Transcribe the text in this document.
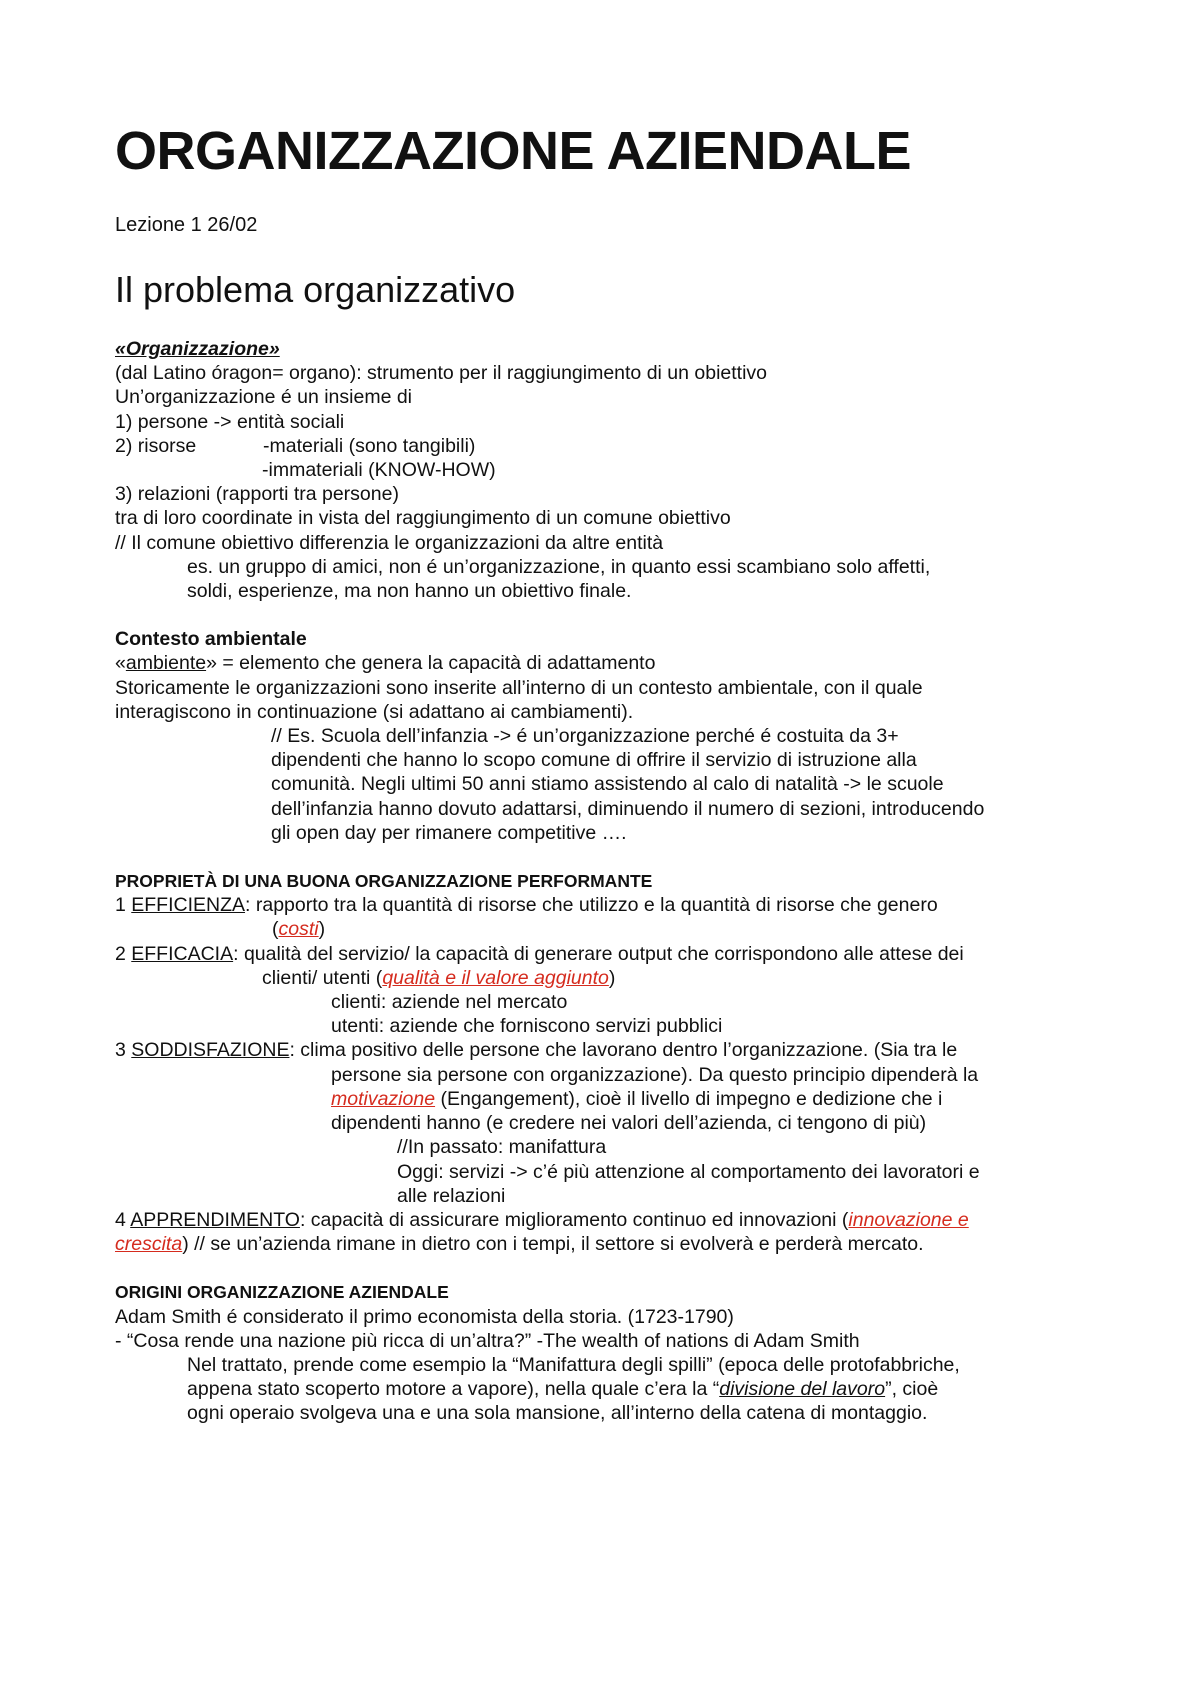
ORGANIZZAZIONE AZIENDALE

Lezione 1 26/02

Il problema organizzativo
«Organizzazione»
(dal Latino óragon= organo): strumento per il raggiungimento di un obiettivo
Un’organizzazione é un insieme di
1) persone -> entità sociali
2) risorse	-materiali (sono tangibili)
-immateriali (KNOW-HOW)
3) relazioni (rapporti tra persone)
tra di loro coordinate in vista del raggiungimento di un comune obiettivo
// Il comune obiettivo differenzia le organizzazioni da altre entità
es. un gruppo di amici, non é un’organizzazione, in quanto essi scambiano solo affetti,
soldi, esperienze, ma non hanno un obiettivo finale.
Contesto ambientale
«ambiente» = elemento che genera la capacità di adattamento
Storicamente le organizzazioni sono inserite all’interno di un contesto ambientale, con il quale
interagiscono in continuazione (si adattano ai cambiamenti).
// Es. Scuola dell’infanzia -> é un’organizzazione perché é costuita da 3+
dipendenti che hanno lo scopo comune di offrire il servizio di istruzione alla
comunità. Negli ultimi 50 anni stiamo assistendo al calo di natalità -> le scuole
dell’infanzia hanno dovuto adattarsi, diminuendo il numero di sezioni, introducendo
gli open day per rimanere competitive ….
PROPRIETÀ DI UNA BUONA ORGANIZZAZIONE PERFORMANTE
1 EFFICIENZA: rapporto tra la quantità di risorse che utilizzo e la quantità di risorse che genero
(costi)
2 EFFICACIA: qualità del servizio/ la capacità di generare output che corrispondono alle attese dei
clienti/ utenti (qualità e il valore aggiunto)
clienti: aziende nel mercato
utenti: aziende che forniscono servizi pubblici
3 SODDISFAZIONE: clima positivo delle persone che lavorano dentro l’organizzazione. (Sia tra le
persone sia persone con organizzazione). Da questo principio dipenderà la
motivazione (Engangement), cioè il livello di impegno e dedizione che i
dipendenti hanno (e credere nei valori dell’azienda, ci tengono di più)
//In passato: manifattura
Oggi: servizi -> c’é più attenzione al comportamento dei lavoratori e
alle relazioni
4 APPRENDIMENTO: capacità di assicurare miglioramento continuo ed innovazioni (innovazione e
crescita) // se un’azienda rimane in dietro con i tempi, il settore si evolverà e perderà mercato.
ORIGINI ORGANIZZAZIONE AZIENDALE
Adam Smith é considerato il primo economista della storia. (1723-1790)
- “Cosa rende una nazione più ricca di un’altra?” -The wealth of nations di Adam Smith
Nel trattato, prende come esempio la “Manifattura degli spilli” (epoca delle protofabbriche,
appena stato scoperto motore a vapore), nella quale c’era la “divisione del lavoro”, cioè
ogni operaio svolgeva una e una sola mansione, all’interno della catena di montaggio.
